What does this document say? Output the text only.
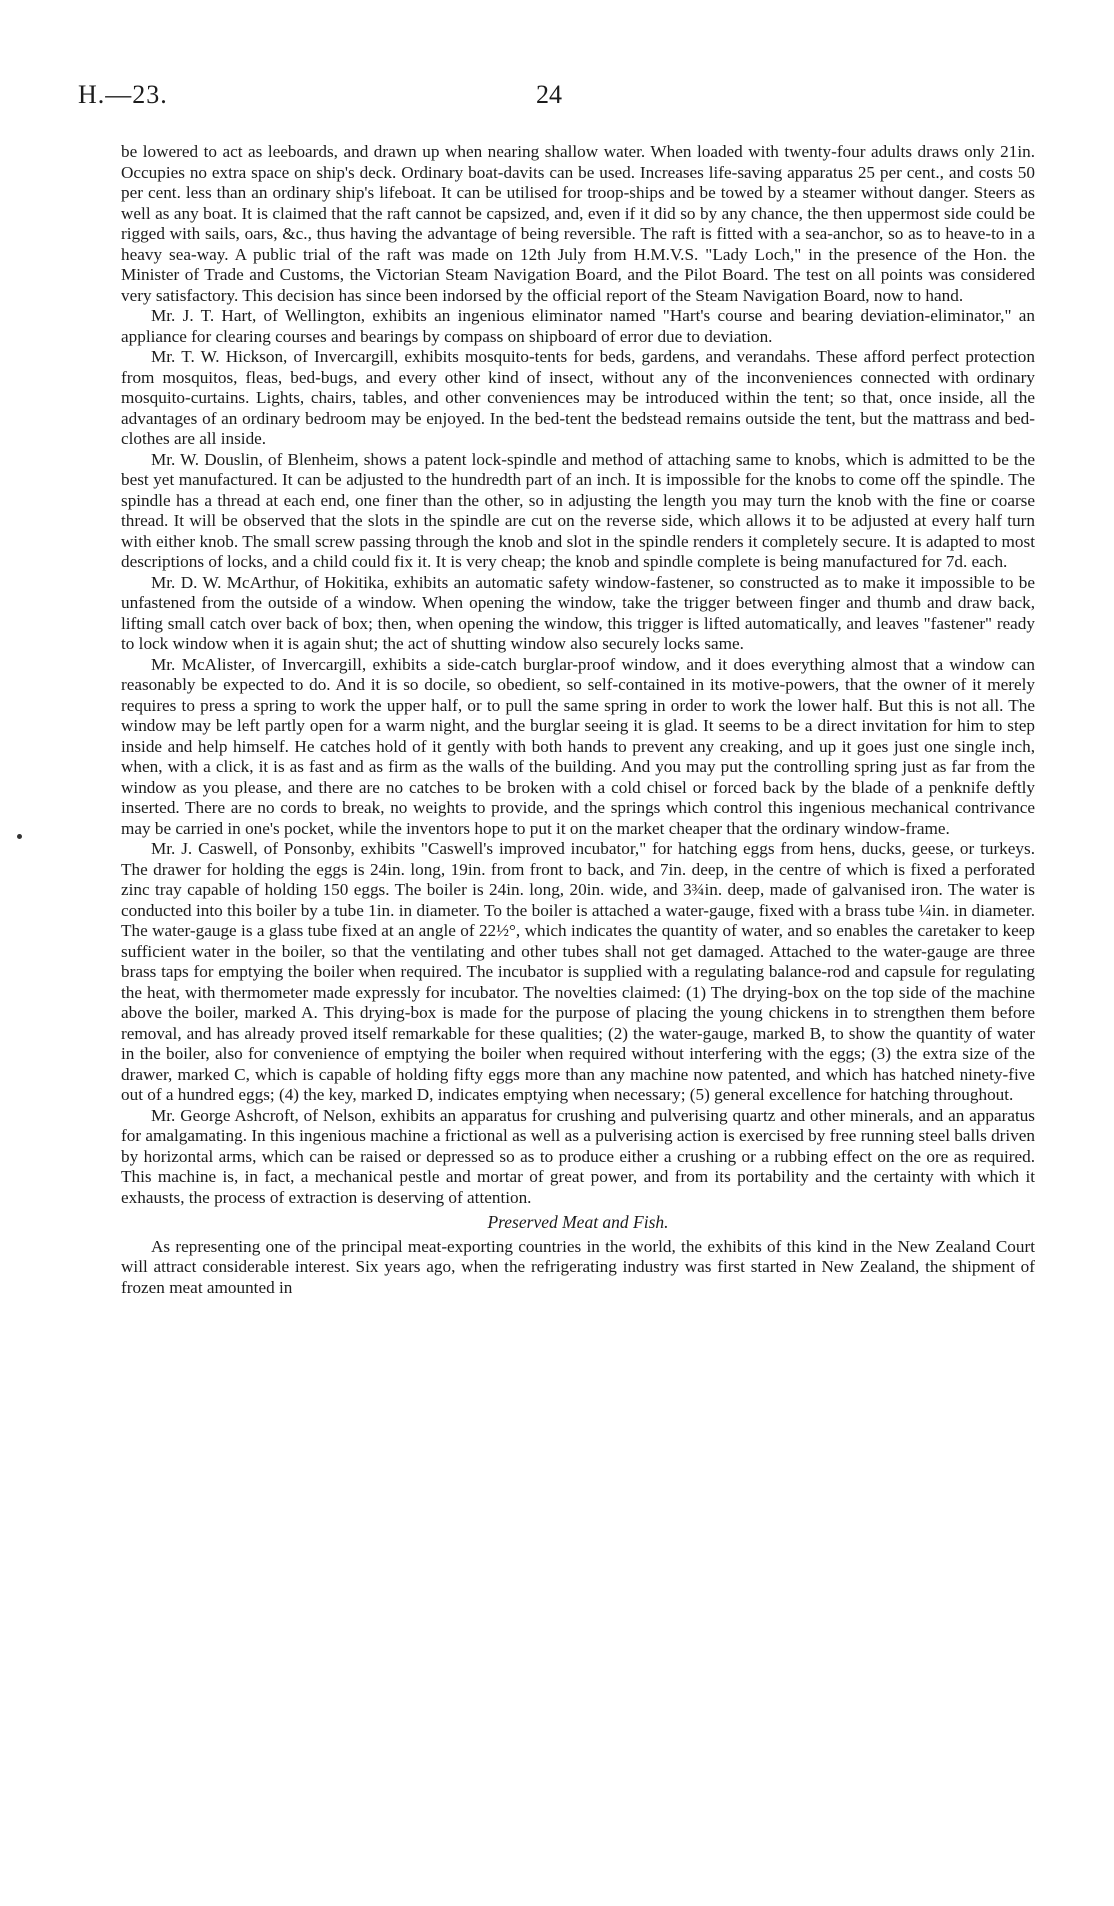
H.—23.	24

be lowered to act as leeboards, and drawn up when nearing shallow water. When loaded with twenty-four adults draws only 21in. Occupies no extra space on ship's deck. Ordinary boat-davits can be used. Increases life-saving apparatus 25 per cent., and costs 50 per cent. less than an ordinary ship's lifeboat. It can be utilised for troop-ships and be towed by a steamer without danger. Steers as well as any boat. It is claimed that the raft cannot be capsized, and, even if it did so by any chance, the then uppermost side could be rigged with sails, oars, &c., thus having the advantage of being reversible. The raft is fitted with a sea-anchor, so as to heave-to in a heavy sea-way. A public trial of the raft was made on 12th July from H.M.V.S. "Lady Loch," in the presence of the Hon. the Minister of Trade and Customs, the Victorian Steam Navigation Board, and the Pilot Board. The test on all points was considered very satisfactory. This decision has since been indorsed by the official report of the Steam Navigation Board, now to hand.

Mr. J. T. Hart, of Wellington, exhibits an ingenious eliminator named "Hart's course and bearing deviation-eliminator," an appliance for clearing courses and bearings by compass on shipboard of error due to deviation.

Mr. T. W. Hickson, of Invercargill, exhibits mosquito-tents for beds, gardens, and verandahs. These afford perfect protection from mosquitos, fleas, bed-bugs, and every other kind of insect, without any of the inconveniences connected with ordinary mosquito-curtains. Lights, chairs, tables, and other conveniences may be introduced within the tent; so that, once inside, all the advantages of an ordinary bedroom may be enjoyed. In the bed-tent the bedstead remains outside the tent, but the mattrass and bed-clothes are all inside.

Mr. W. Douslin, of Blenheim, shows a patent lock-spindle and method of attaching same to knobs, which is admitted to be the best yet manufactured. It can be adjusted to the hundredth part of an inch. It is impossible for the knobs to come off the spindle. The spindle has a thread at each end, one finer than the other, so in adjusting the length you may turn the knob with the fine or coarse thread. It will be observed that the slots in the spindle are cut on the reverse side, which allows it to be adjusted at every half turn with either knob. The small screw passing through the knob and slot in the spindle renders it completely secure. It is adapted to most descriptions of locks, and a child could fix it. It is very cheap; the knob and spindle complete is being manufactured for 7d. each.

Mr. D. W. McArthur, of Hokitika, exhibits an automatic safety window-fastener, so constructed as to make it impossible to be unfastened from the outside of a window. When opening the window, take the trigger between finger and thumb and draw back, lifting small catch over back of box; then, when opening the window, this trigger is lifted automatically, and leaves "fastener" ready to lock window when it is again shut; the act of shutting window also securely locks same.

Mr. McAlister, of Invercargill, exhibits a side-catch burglar-proof window, and it does everything almost that a window can reasonably be expected to do. And it is so docile, so obedient, so self-contained in its motive-powers, that the owner of it merely requires to press a spring to work the upper half, or to pull the same spring in order to work the lower half. But this is not all. The window may be left partly open for a warm night, and the burglar seeing it is glad. It seems to be a direct invitation for him to step inside and help himself. He catches hold of it gently with both hands to prevent any creaking, and up it goes just one single inch, when, with a click, it is as fast and as firm as the walls of the building. And you may put the controlling spring just as far from the window as you please, and there are no catches to be broken with a cold chisel or forced back by the blade of a penknife deftly inserted. There are no cords to break, no weights to provide, and the springs which control this ingenious mechanical contrivance may be carried in one's pocket, while the inventors hope to put it on the market cheaper that the ordinary window-frame.

Mr. J. Caswell, of Ponsonby, exhibits "Caswell's improved incubator," for hatching eggs from hens, ducks, geese, or turkeys. The drawer for holding the eggs is 24in. long, 19in. from front to back, and 7in. deep, in the centre of which is fixed a perforated zinc tray capable of holding 150 eggs. The boiler is 24in. long, 20in. wide, and 3¾in. deep, made of galvanised iron. The water is conducted into this boiler by a tube 1in. in diameter. To the boiler is attached a water-gauge, fixed with a brass tube ¼in. in diameter. The water-gauge is a glass tube fixed at an angle of 22½°, which indicates the quantity of water, and so enables the caretaker to keep sufficient water in the boiler, so that the ventilating and other tubes shall not get damaged. Attached to the water-gauge are three brass taps for emptying the boiler when required. The incubator is supplied with a regulating balance-rod and capsule for regulating the heat, with thermometer made expressly for incubator. The novelties claimed: (1) The drying-box on the top side of the machine above the boiler, marked A. This drying-box is made for the purpose of placing the young chickens in to strengthen them before removal, and has already proved itself remarkable for these qualities; (2) the water-gauge, marked B, to show the quantity of water in the boiler, also for convenience of emptying the boiler when required without interfering with the eggs; (3) the extra size of the drawer, marked C, which is capable of holding fifty eggs more than any machine now patented, and which has hatched ninety-five out of a hundred eggs; (4) the key, marked D, indicates emptying when necessary; (5) general excellence for hatching throughout.

Mr. George Ashcroft, of Nelson, exhibits an apparatus for crushing and pulverising quartz and other minerals, and an apparatus for amalgamating. In this ingenious machine a frictional as well as a pulverising action is exercised by free running steel balls driven by horizontal arms, which can be raised or depressed so as to produce either a crushing or a rubbing effect on the ore as required. This machine is, in fact, a mechanical pestle and mortar of great power, and from its portability and the certainty with which it exhausts, the process of extraction is deserving of attention.

Preserved Meat and Fish.

As representing one of the principal meat-exporting countries in the world, the exhibits of this kind in the New Zealand Court will attract considerable interest. Six years ago, when the refrigerating industry was first started in New Zealand, the shipment of frozen meat amounted in
